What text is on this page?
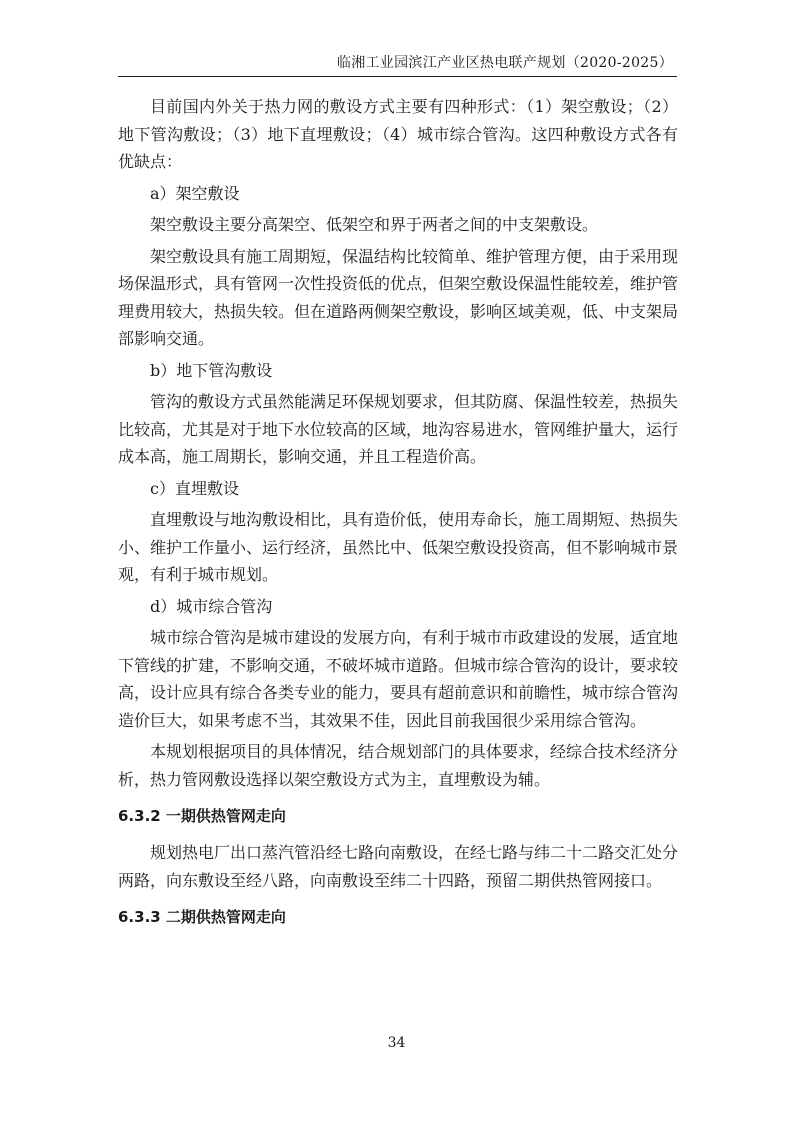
临湘工业园滨江产业区热电联产规划（2020-2025）

目前国内外关于热力网的敷设方式主要有四种形式：（1）架空敷设；（2）地下管沟敷设；（3）地下直埋敷设；（4）城市综合管沟。这四种敷设方式各有优缺点：

a）架空敷设

架空敷设主要分高架空、低架空和界于两者之间的中支架敷设。

架空敷设具有施工周期短，保温结构比较简单、维护管理方便，由于采用现场保温形式，具有管网一次性投资低的优点，但架空敷设保温性能较差，维护管理费用较大，热损失较。但在道路两侧架空敷设，影响区域美观，低、中支架局部影响交通。

b）地下管沟敷设

管沟的敷设方式虽然能满足环保规划要求，但其防腐、保温性较差，热损失比较高，尤其是对于地下水位较高的区域，地沟容易进水，管网维护量大，运行成本高，施工周期长，影响交通，并且工程造价高。

c）直埋敷设

直埋敷设与地沟敷设相比，具有造价低，使用寿命长，施工周期短、热损失小、维护工作量小、运行经济，虽然比中、低架空敷设投资高，但不影响城市景观，有利于城市规划。

d）城市综合管沟

城市综合管沟是城市建设的发展方向，有利于城市市政建设的发展，适宜地下管线的扩建，不影响交通，不破坏城市道路。但城市综合管沟的设计，要求较高，设计应具有综合各类专业的能力，要具有超前意识和前瞻性，城市综合管沟造价巨大，如果考虑不当，其效果不佳，因此目前我国很少采用综合管沟。

本规划根据项目的具体情况，结合规划部门的具体要求，经综合技术经济分析，热力管网敷设选择以架空敷设方式为主，直埋敷设为辅。

6.3.2 一期供热管网走向

规划热电厂出口蒸汽管沿经七路向南敷设，在经七路与纬二十二路交汇处分两路，向东敷设至经八路，向南敷设至纬二十四路，预留二期供热管网接口。

6.3.3 二期供热管网走向

34
